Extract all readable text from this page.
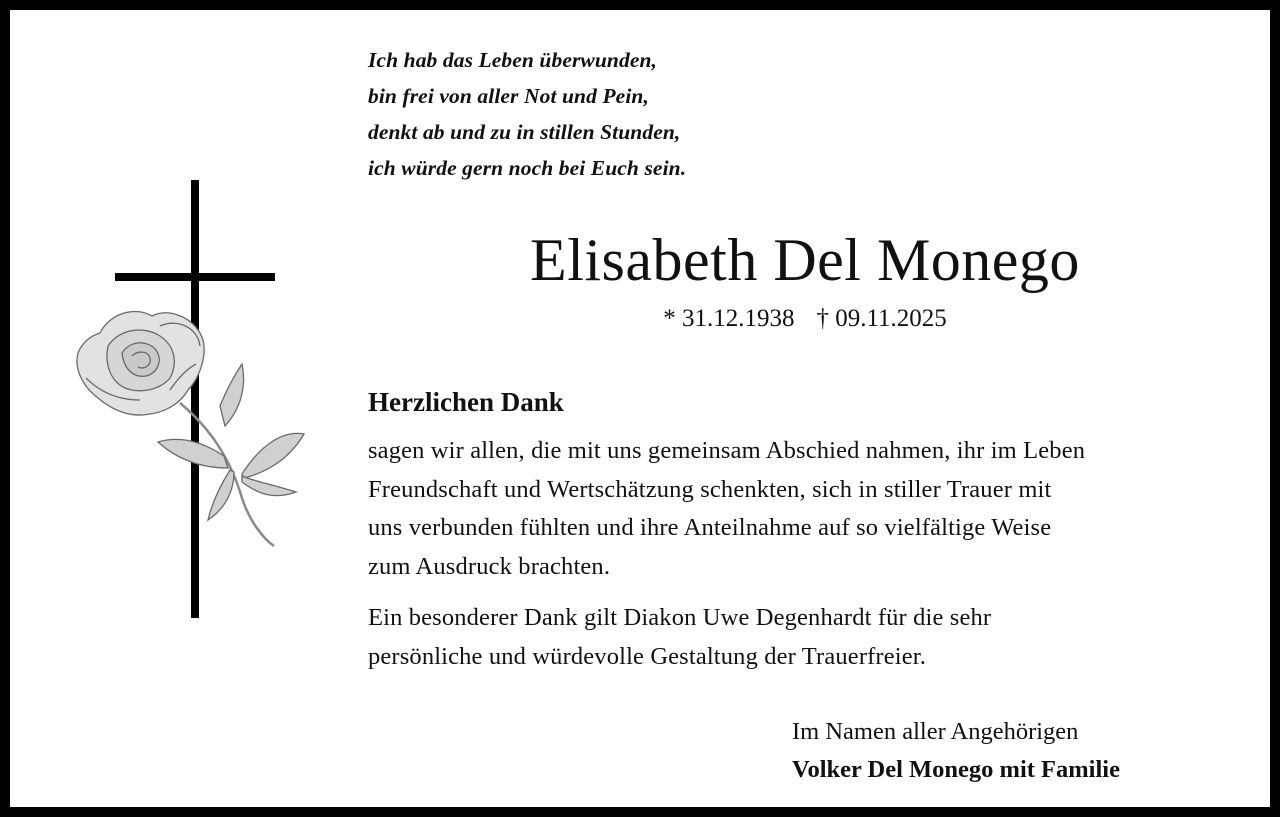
Ich hab das Leben überwunden,
bin frei von aller Not und Pein,
denkt ab und zu in stillen Stunden,
ich würde gern noch bei Euch sein.
Elisabeth Del Monego
* 31.12.1938 † 09.11.2025
Herzlichen Dank
sagen wir allen, die mit uns gemeinsam Abschied nahmen, ihr im Leben
Freundschaft und Wertschätzung schenkten, sich in stiller Trauer mit
uns verbunden fühlten und ihre Anteilnahme auf so vielfältige Weise
zum Ausdruck brachten.
Ein besonderer Dank gilt Diakon Uwe Degenhardt für die sehr
persönliche und würdevolle Gestaltung der Trauerfreier.
Im Namen aller Angehörigen
Volker Del Monego mit Familie
